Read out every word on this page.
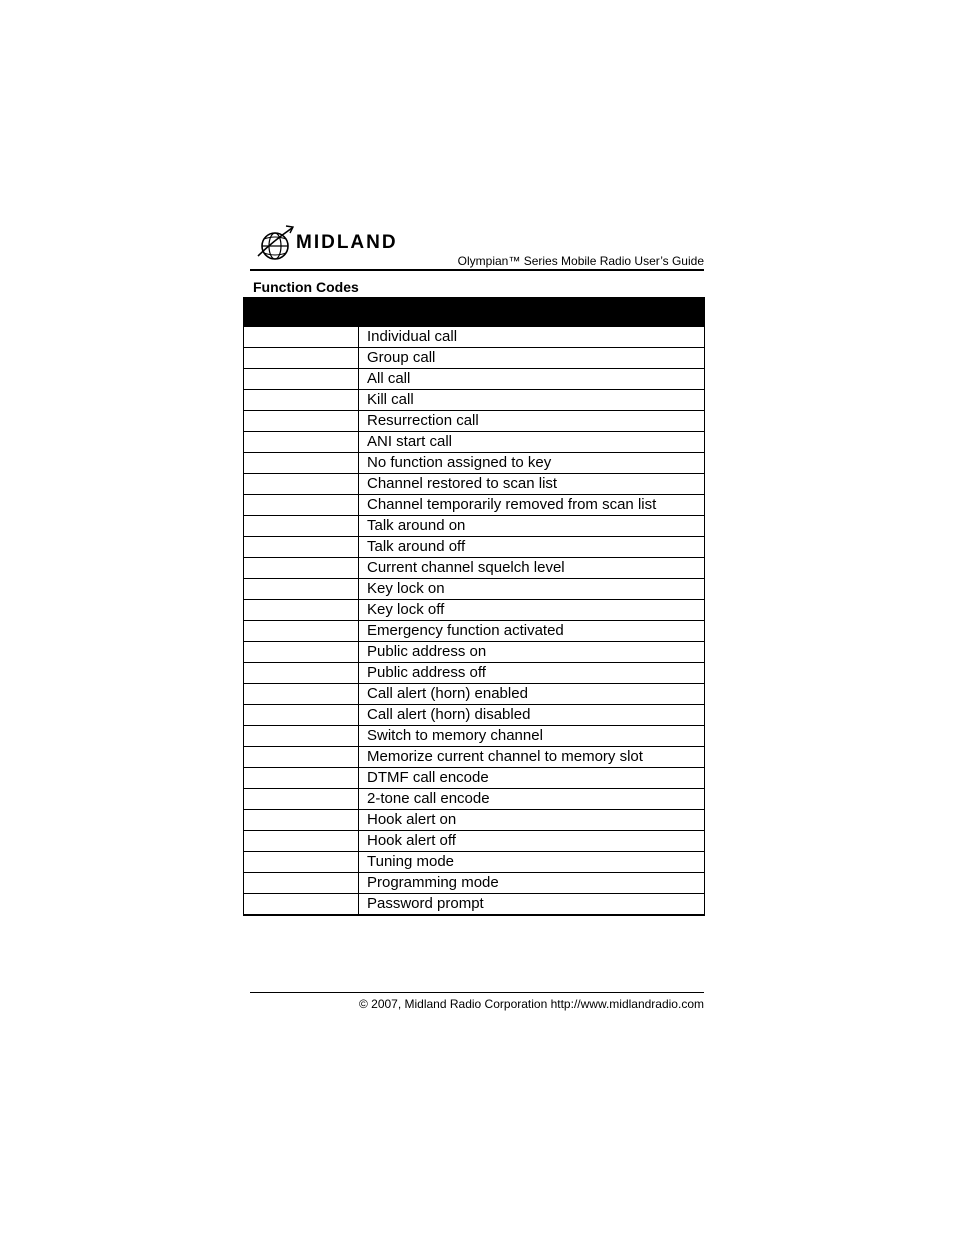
MIDLAND
Olympian™ Series Mobile Radio User’s Guide
Function Codes

	Individual call
	Group call
	All call
	Kill call
	Resurrection call
	ANI start call
	No function assigned to key
	Channel restored to scan list
	Channel temporarily removed from scan list
	Talk around on
	Talk around off
	Current channel squelch level
	Key lock on
	Key lock off
	Emergency function activated
	Public address on
	Public address off
	Call alert (horn) enabled
	Call alert (horn) disabled
	Switch to memory channel
	Memorize current channel to memory slot
	DTMF call encode
	2-tone call encode
	Hook alert on
	Hook alert off
	Tuning mode
	Programming mode
	Password prompt
© 2007, Midland Radio Corporation http://www.midlandradio.com
